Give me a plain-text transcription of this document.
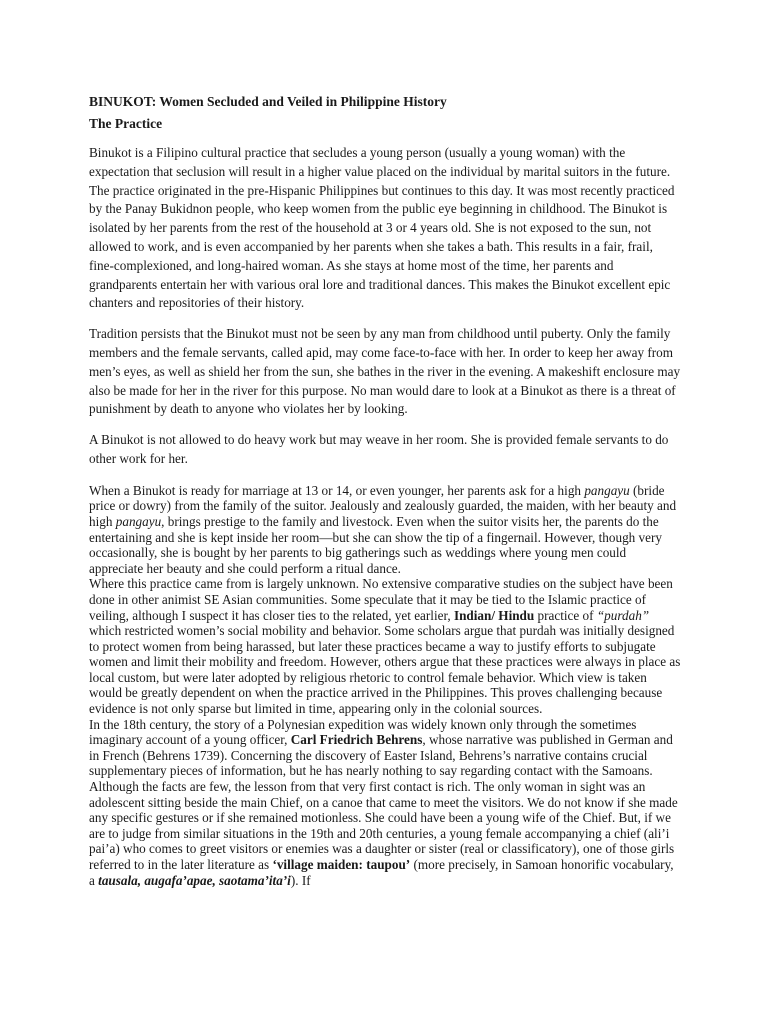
BINUKOT: Women Secluded and Veiled in Philippine History
The Practice

Binukot is a Filipino cultural practice that secludes a young person (usually a young woman) with the expectation that seclusion will result in a higher value placed on the individual by marital suitors in the future. The practice originated in the pre-Hispanic Philippines but continues to this day. It was most recently practiced by the Panay Bukidnon people, who keep women from the public eye beginning in childhood. The Binukot is isolated by her parents from the rest of the household at 3 or 4 years old. She is not exposed to the sun, not allowed to work, and is even accompanied by her parents when she takes a bath. This results in a fair, frail, fine-complexioned, and long-haired woman. As she stays at home most of the time, her parents and grandparents entertain her with various oral lore and traditional dances. This makes the Binukot excellent epic chanters and repositories of their history.

Tradition persists that the Binukot must not be seen by any man from childhood until puberty. Only the family members and the female servants, called apid, may come face-to-face with her. In order to keep her away from men’s eyes, as well as shield her from the sun, she bathes in the river in the evening. A makeshift enclosure may also be made for her in the river for this purpose. No man would dare to look at a Binukot as there is a threat of punishment by death to anyone who violates her by looking.

A Binukot is not allowed to do heavy work but may weave in her room. She is provided female servants to do other work for her.

When a Binukot is ready for marriage at 13 or 14, or even younger, her parents ask for a high pangayu (bride price or dowry) from the family of the suitor. Jealously and zealously guarded, the maiden, with her beauty and high pangayu, brings prestige to the family and livestock. Even when the suitor visits her, the parents do the entertaining and she is kept inside her room—but she can show the tip of a fingernail. However, though very occasionally, she is bought by her parents to big gatherings such as weddings where young men could appreciate her beauty and she could perform a ritual dance.

Where this practice came from is largely unknown. No extensive comparative studies on the subject have been done in other animist SE Asian communities. Some speculate that it may be tied to the Islamic practice of veiling, although I suspect it has closer ties to the related, yet earlier, Indian/ Hindu practice of “purdah” which restricted women’s social mobility and behavior. Some scholars argue that purdah was initially designed to protect women from being harassed, but later these practices became a way to justify efforts to subjugate women and limit their mobility and freedom. However, others argue that these practices were always in place as local custom, but were later adopted by religious rhetoric to control female behavior. Which view is taken would be greatly dependent on when the practice arrived in the Philippines. This proves challenging because evidence is not only sparse but limited in time, appearing only in the colonial sources.

In the 18th century, the story of a Polynesian expedition was widely known only through the sometimes imaginary account of a young officer, Carl Friedrich Behrens, whose narrative was published in German and in French (Behrens 1739). Concerning the discovery of Easter Island, Behrens’s narrative contains crucial supplementary pieces of information, but he has nearly nothing to say regarding contact with the Samoans. Although the facts are few, the lesson from that very first contact is rich. The only woman in sight was an adolescent sitting beside the main Chief, on a canoe that came to meet the visitors. We do not know if she made any specific gestures or if she remained motionless. She could have been a young wife of the Chief. But, if we are to judge from similar situations in the 19th and 20th centuries, a young female accompanying a chief (ali’i pai’a) who comes to greet visitors or enemies was a daughter or sister (real or classificatory), one of those girls referred to in the later literature as ‘village maiden: taupou’ (more precisely, in Samoan honorific vocabulary, a tausala, augafa’apae, saotama’ita’i). If
